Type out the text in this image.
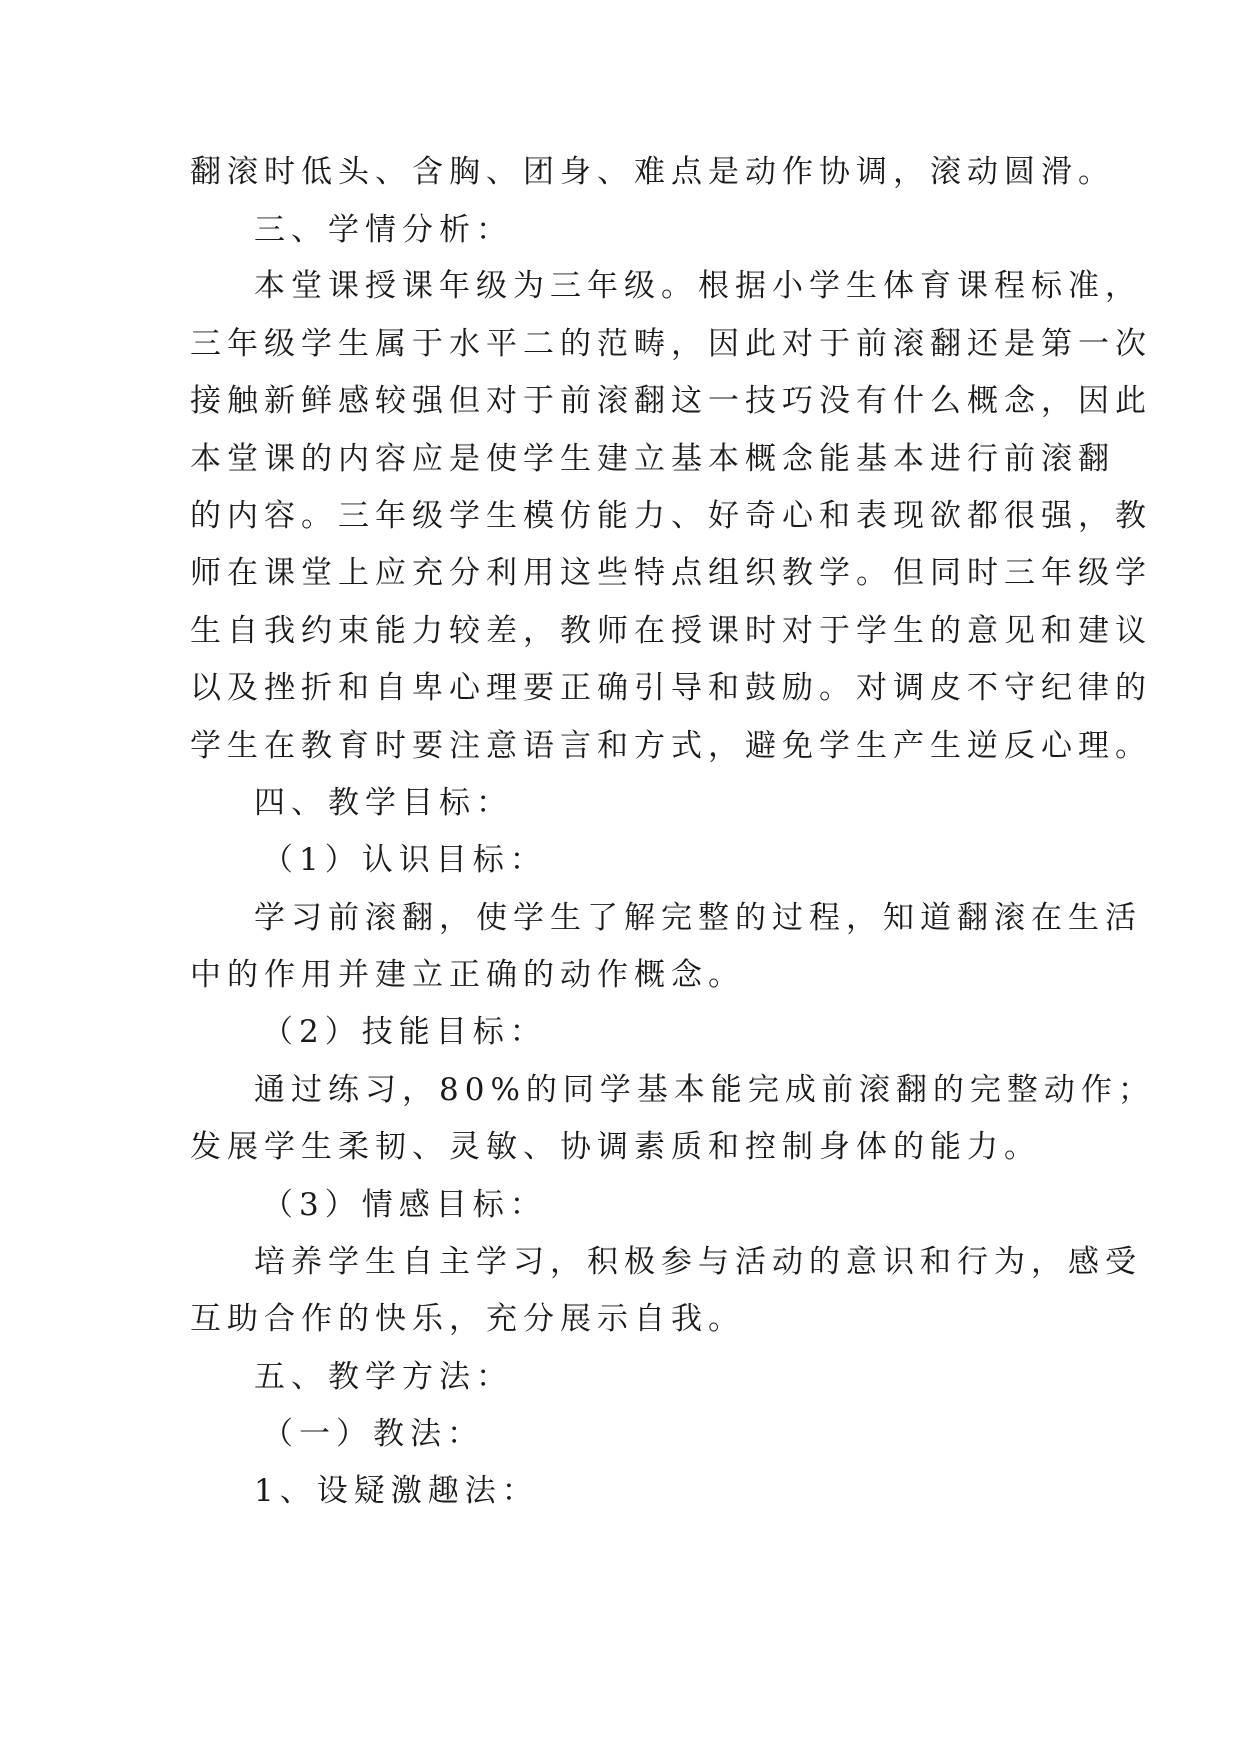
翻滚时低头、含胸、团身、难点是动作协调，滚动圆滑。
三、学情分析：
本堂课授课年级为三年级。根据小学生体育课程标准，
三年级学生属于水平二的范畴，因此对于前滚翻还是第一次
接触新鲜感较强但对于前滚翻这一技巧没有什么概念，因此
本堂课的内容应是使学生建立基本概念能基本进行前滚翻
的内容。三年级学生模仿能力、好奇心和表现欲都很强，教
师在课堂上应充分利用这些特点组织教学。但同时三年级学
生自我约束能力较差，教师在授课时对于学生的意见和建议
以及挫折和自卑心理要正确引导和鼓励。对调皮不守纪律的
学生在教育时要注意语言和方式，避免学生产生逆反心理。
四、教学目标：
（1）认识目标：
学习前滚翻，使学生了解完整的过程，知道翻滚在生活
中的作用并建立正确的动作概念。
（2）技能目标：
通过练习，80%的同学基本能完成前滚翻的完整动作；
发展学生柔韧、灵敏、协调素质和控制身体的能力。
（3）情感目标：
培养学生自主学习，积极参与活动的意识和行为，感受
互助合作的快乐，充分展示自我。
五、教学方法：
（一）教法：
1、设疑激趣法：
